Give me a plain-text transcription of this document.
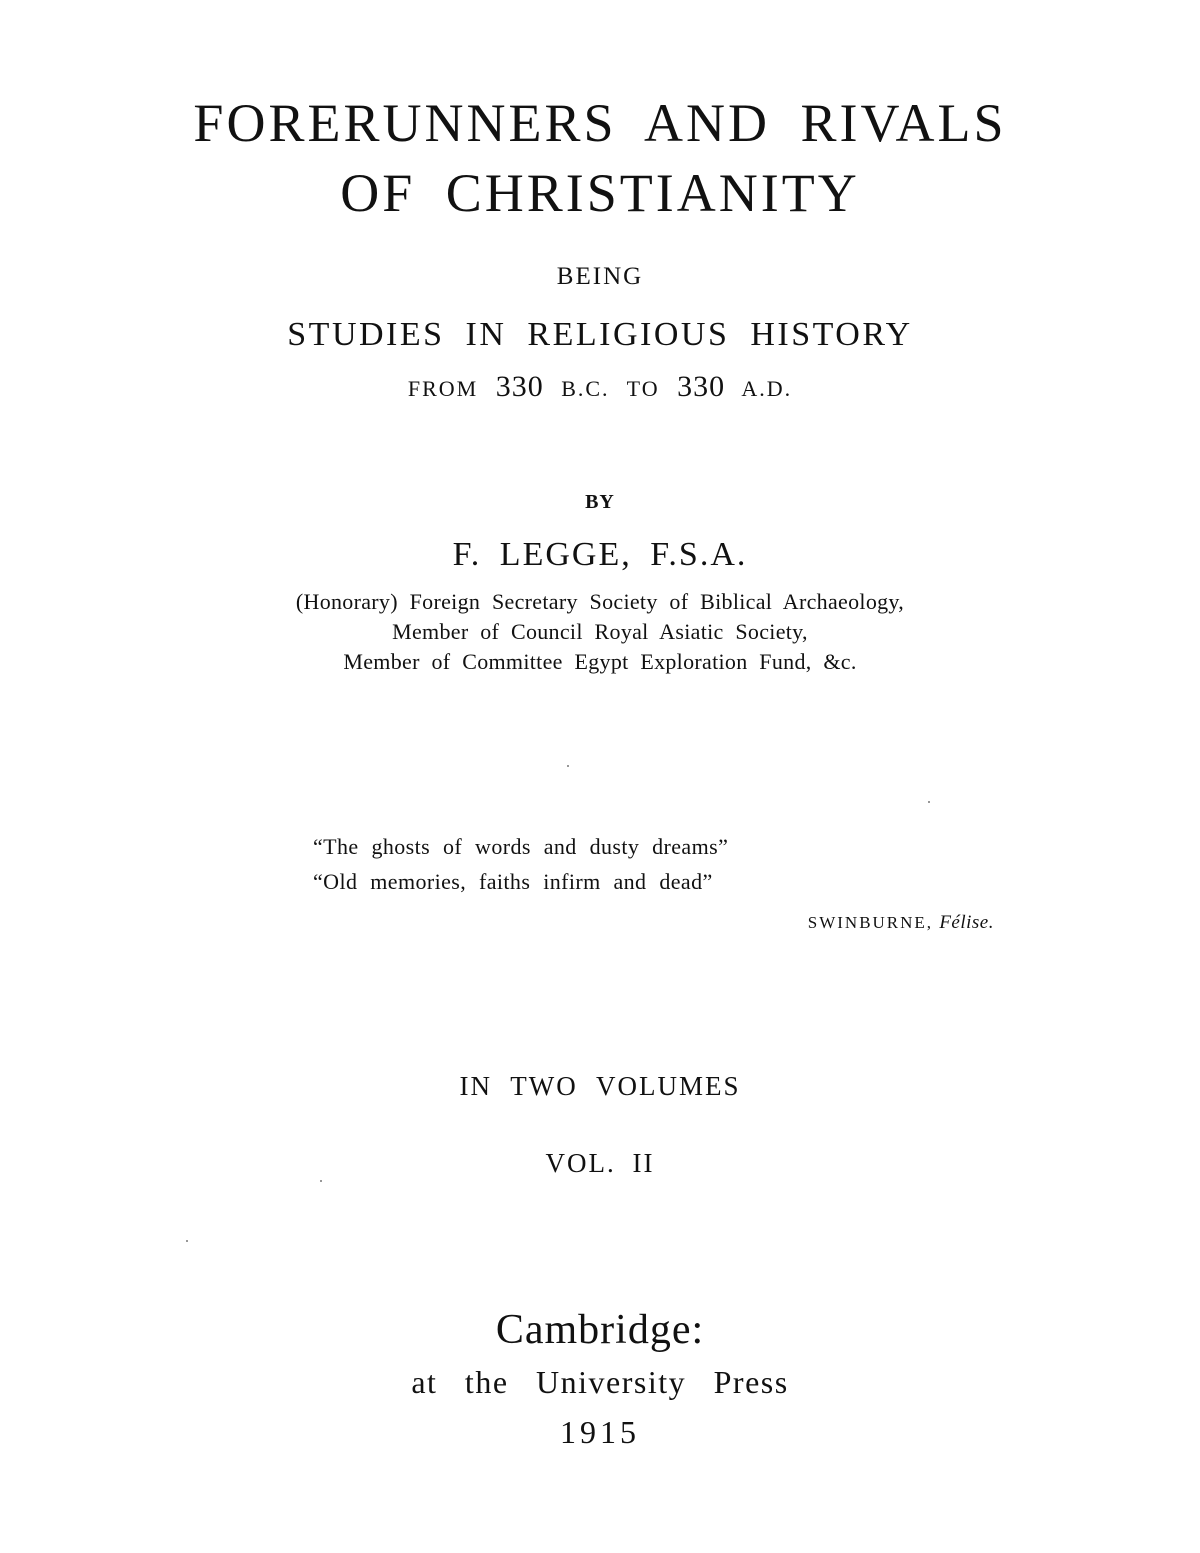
FORERUNNERS AND RIVALS
OF CHRISTIANITY
BEING
STUDIES IN RELIGIOUS HISTORY
FROM 330 B.C. TO 330 A.D.
BY
F. LEGGE, F.S.A.
(Honorary) Foreign Secretary Society of Biblical Archaeology,
Member of Council Royal Asiatic Society,
Member of Committee Egypt Exploration Fund, &c.
“The ghosts of words and dusty dreams”
“Old memories, faiths infirm and dead”
SWINBURNE, Félise.
IN TWO VOLUMES
VOL. II
Cambridge:
at the University Press
1915
